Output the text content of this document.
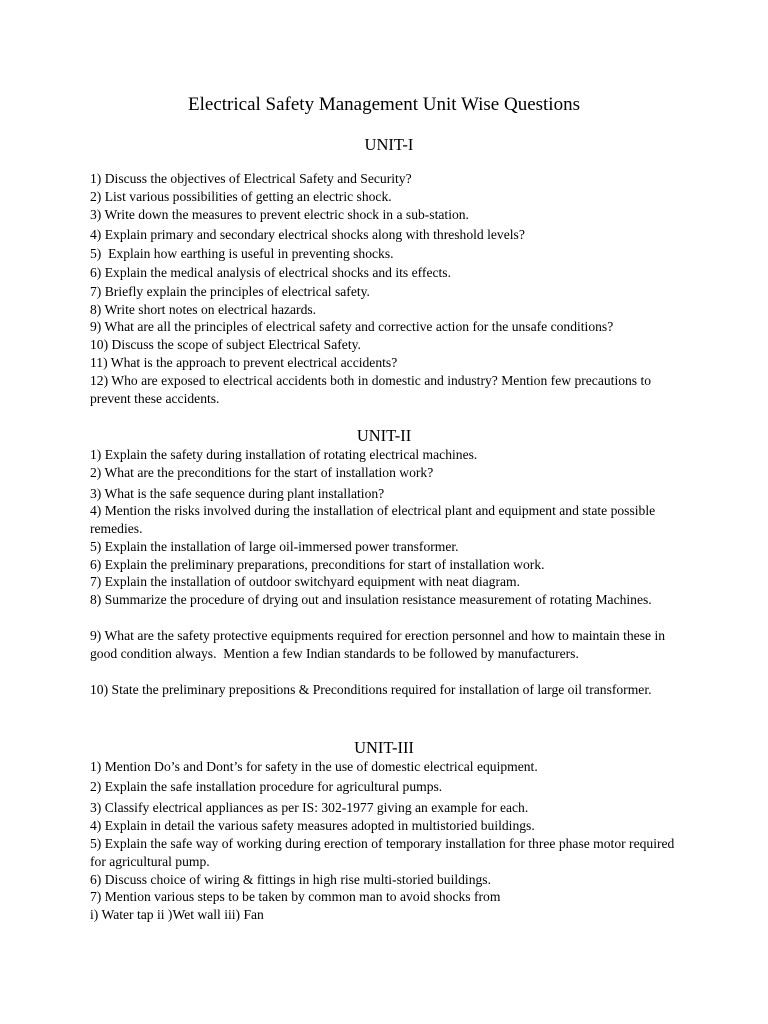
Electrical Safety Management Unit Wise Questions
UNIT-I
1) Discuss the objectives of Electrical Safety and Security?
2) List various possibilities of getting an electric shock.
3) Write down the measures to prevent electric shock in a sub-station.
4) Explain primary and secondary electrical shocks along with threshold levels?
5)  Explain how earthing is useful in preventing shocks.
6) Explain the medical analysis of electrical shocks and its effects.
7) Briefly explain the principles of electrical safety.
8) Write short notes on electrical hazards.
9) What are all the principles of electrical safety and corrective action for the unsafe conditions?
10) Discuss the scope of subject Electrical Safety.
11) What is the approach to prevent electrical accidents?
12) Who are exposed to electrical accidents both in domestic and industry? Mention few precautions to prevent these accidents.
UNIT-II
1) Explain the safety during installation of rotating electrical machines.
2) What are the preconditions for the start of installation work?
3) What is the safe sequence during plant installation?
4) Mention the risks involved during the installation of electrical plant and equipment and state possible remedies.
5) Explain the installation of large oil-immersed power transformer.
6) Explain the preliminary preparations, preconditions for start of installation work.
7) Explain the installation of outdoor switchyard equipment with neat diagram.
8) Summarize the procedure of drying out and insulation resistance measurement of rotating Machines.
9) What are the safety protective equipments required for erection personnel and how to maintain these in good condition always.  Mention a few Indian standards to be followed by manufacturers.
10) State the preliminary prepositions & Preconditions required for installation of large oil transformer.
UNIT-III
1) Mention Do’s and Dont’s for safety in the use of domestic electrical equipment.
2) Explain the safe installation procedure for agricultural pumps.
3) Classify electrical appliances as per IS: 302-1977 giving an example for each.
4) Explain in detail the various safety measures adopted in multistoried buildings.
5) Explain the safe way of working during erection of temporary installation for three phase motor required for agricultural pump.
6) Discuss choice of wiring & fittings in high rise multi-storied buildings.
7) Mention various steps to be taken by common man to avoid shocks from
i) Water tap ii )Wet wall iii) Fan
